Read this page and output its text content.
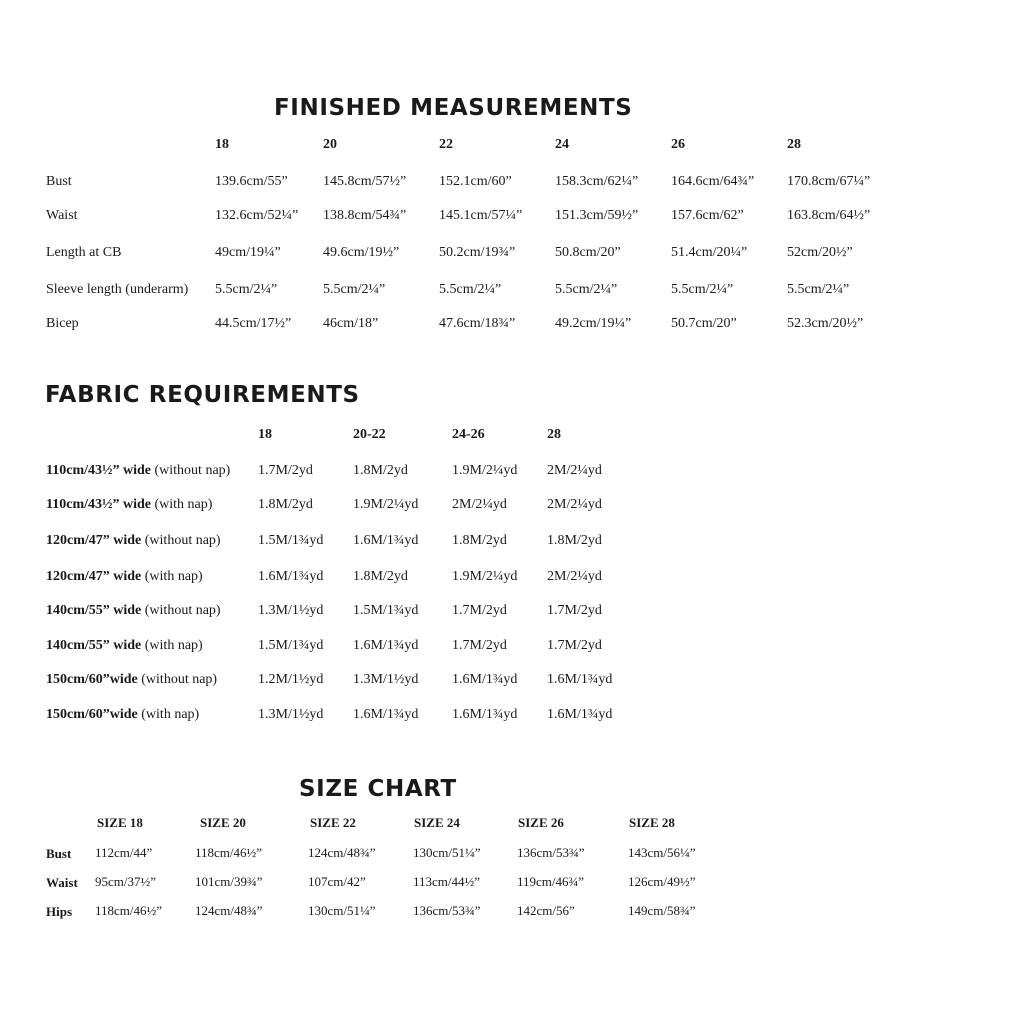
FINISHED MEASUREMENTS
18	20	22	24	26	28
Bust	139.6cm/55”	145.8cm/57½” 152.1cm/60”	158.3cm/62¼” 164.6cm/64¾” 170.8cm/67¼”
Waist	132.6cm/52¼” 138.8cm/54¾” 145.1cm/57¼” 151.3cm/59½” 157.6cm/62”	163.8cm/64½”
Length at CB	49cm/19¼”	49.6cm/19½”	50.2cm/19¾”	50.8cm/20”	51.4cm/20¼”	52cm/20½”
Sleeve length (underarm) 5.5cm/2¼”	5.5cm/2¼”	5.5cm/2¼”	5.5cm/2¼”	5.5cm/2¼”	5.5cm/2¼”
Bicep	44.5cm/17½” 46cm/18”	47.6cm/18¾”	49.2cm/19¼”	50.7cm/20”	52.3cm/20½”
FABRIC REQUIREMENTS
18	20-22	24-26	28
110cm/43½” wide (without nap) 1.7M/2yd	1.8M/2yd	1.9M/2¼yd 2M/2¼yd
110cm/43½” wide (with nap)	1.8M/2yd	1.9M/2¼yd 2M/2¼yd	2M/2¼yd
120cm/47” wide (without nap)	1.5M/1¾yd 1.6M/1¾yd 1.8M/2yd	1.8M/2yd
120cm/47” wide (with nap)	1.6M/1¾yd 1.8M/2yd	1.9M/2¼yd 2M/2¼yd
140cm/55” wide (without nap)	1.3M/1½yd 1.5M/1¾yd 1.7M/2yd	1.7M/2yd
140cm/55” wide (with nap)	1.5M/1¾yd 1.6M/1¾yd 1.7M/2yd	1.7M/2yd
150cm/60”wide (without nap)	1.2M/1½yd 1.3M/1½yd 1.6M/1¾yd 1.6M/1¾yd
150cm/60”wide (with nap)	1.3M/1½yd 1.6M/1¾yd 1.6M/1¾yd 1.6M/1¾yd
SIZE CHART
SIZE 18	SIZE 20	SIZE 22	SIZE 24	SIZE 26	SIZE 28
Bust 112cm/44”	118cm/46½”	124cm/48¾”	130cm/51¼”	136cm/53¾”	143cm/56¼”
Waist 95cm/37½”	101cm/39¾”	107cm/42”	113cm/44½”	119cm/46¾”	126cm/49½”
Hips 118cm/46½”	124cm/48¾”	130cm/51¼”	136cm/53¾”	142cm/56”	149cm/58¾”
